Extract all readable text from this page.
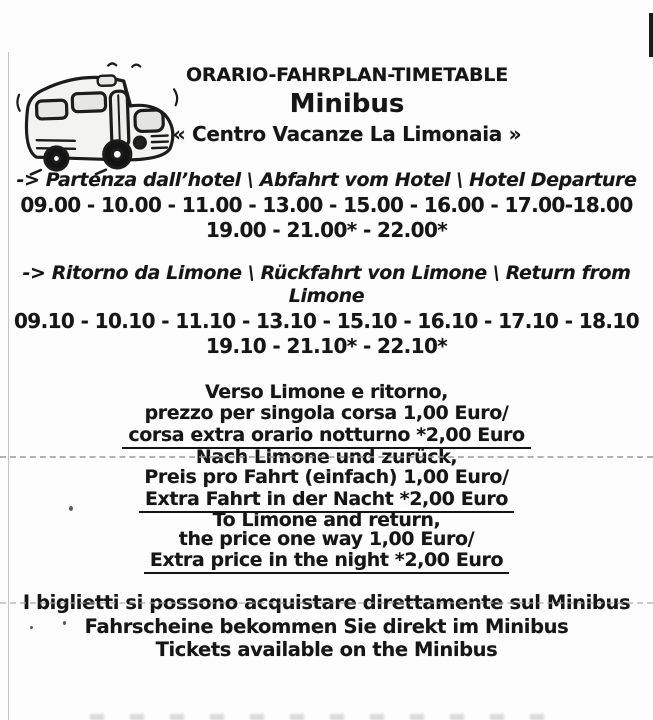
ORARIO-FAHRPLAN-TIMETABLE
Minibus
« Centro Vacanze La Limonaia »
-> Partenza dall’hotel \ Abfahrt vom Hotel \ Hotel Departure
09.00 - 10.00 - 11.00 - 13.00 - 15.00 - 16.00 - 17.00-18.00
19.00 - 21.00* - 22.00*
-> Ritorno da Limone \ Rückfahrt von Limone \ Return from
Limone
09.10 - 10.10 - 11.10 - 13.10 - 15.10 - 16.10 - 17.10 - 18.10
19.10 - 21.10* - 22.10*
Verso Limone e ritorno,
prezzo per singola corsa 1,00 Euro/
corsa extra orario notturno *2,00 Euro
Nach Limone und zurück,
Preis pro Fahrt (einfach) 1,00 Euro/
Extra Fahrt in der Nacht *2,00 Euro
To Limone and return,
the price one way 1,00 Euro/
Extra price in the night *2,00 Euro
I biglietti si possono acquistare direttamente sul Minibus
Fahrscheine bekommen Sie direkt im Minibus
Tickets available on the Minibus
